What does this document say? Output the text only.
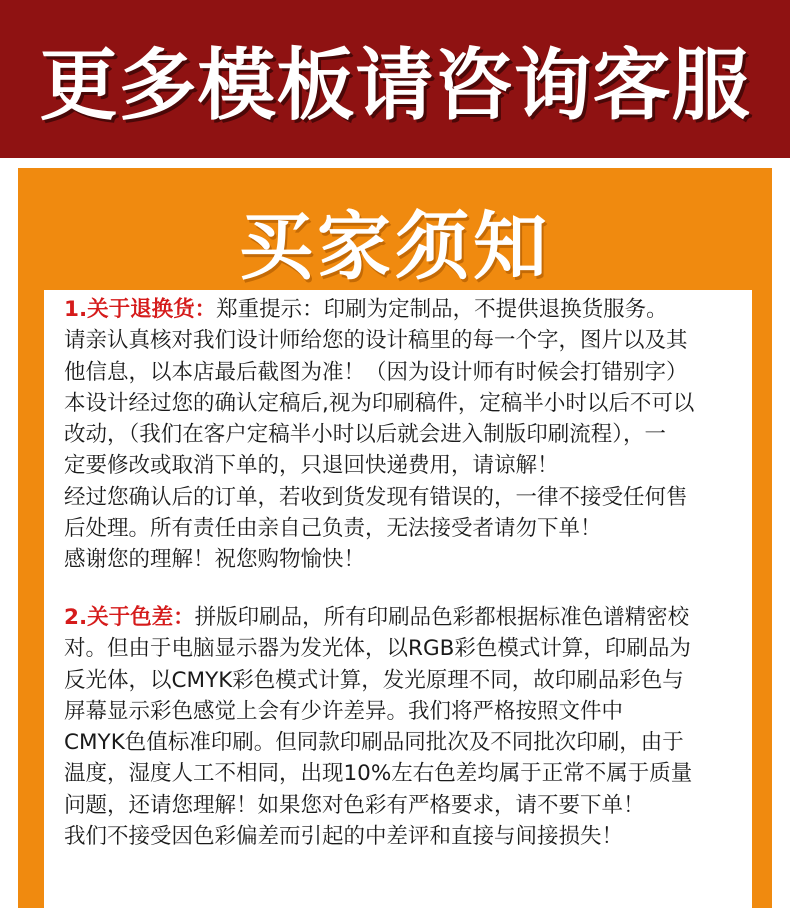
更多模板请咨询客服
买家须知

1.关于退换货：郑重提示：印刷为定制品，不提供退换货服务。

请亲认真核对我们设计师给您的设计稿里的每一个字，图片以及其

他信息，以本店最后截图为准！（因为设计师有时候会打错别字）

本设计经过您的确认定稿后,视为印刷稿件，定稿半小时以后不可以

改动，（我们在客户定稿半小时以后就会进入制版印刷流程），一

定要修改或取消下单的，只退回快递费用，请谅解！

经过您确认后的订单，若收到货发现有错误的，一律不接受任何售

后处理。所有责任由亲自己负责，无法接受者请勿下单！

感谢您的理解！祝您购物愉快！

2.关于色差：拼版印刷品，所有印刷品色彩都根据标准色谱精密校

对。但由于电脑显示器为发光体，以RGB彩色模式计算，印刷品为

反光体，以CMYK彩色模式计算，发光原理不同，故印刷品彩色与

屏幕显示彩色感觉上会有少许差异。我们将严格按照文件中

CMYK色值标准印刷。但同款印刷品同批次及不同批次印刷，由于

温度，湿度人工不相同，出现10%左右色差均属于正常不属于质量

问题，还请您理解！如果您对色彩有严格要求，请不要下单！

我们不接受因色彩偏差而引起的中差评和直接与间接损失！
